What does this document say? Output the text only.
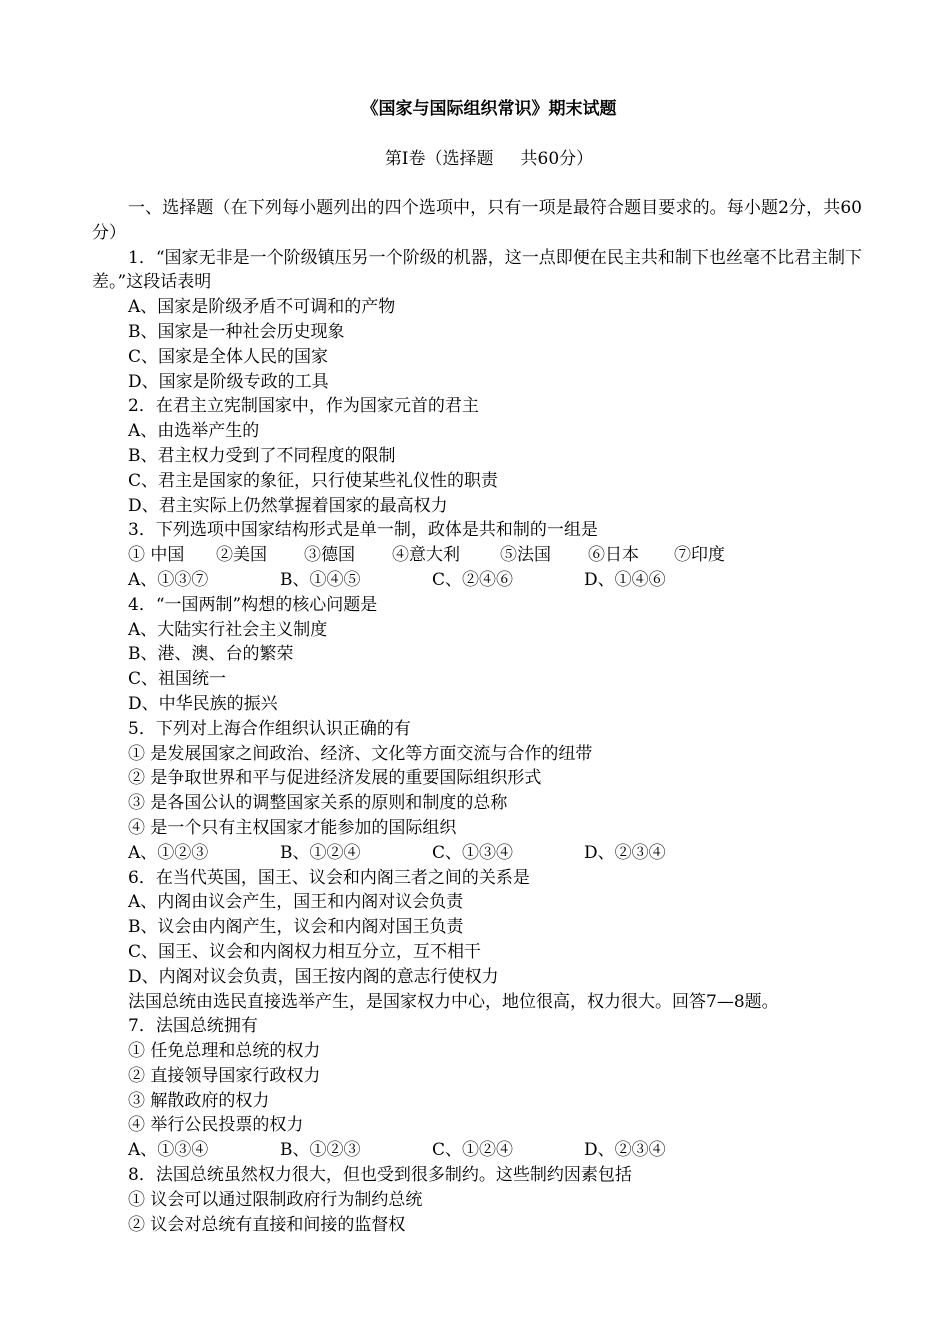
《国家与国际组织常识》期末试题
第Ⅰ卷（选择题     共60分）
一、选择题（在下列每小题列出的四个选项中，只有一项是最符合题目要求的。每小题2分，共60分）
1．“国家无非是一个阶级镇压另一个阶级的机器，这一点即便在民主共和制下也丝毫不比君主制下差。”这段话表明
A、国家是阶级矛盾不可调和的产物
B、国家是一种社会历史现象
C、国家是全体人民的国家
D、国家是阶级专政的工具
2．在君主立宪制国家中，作为国家元首的君主
A、由选举产生的
B、君主权力受到了不同程度的限制
C、君主是国家的象征，只行使某些礼仪性的职责
D、君主实际上仍然掌握着国家的最高权力
3．下列选项中国家结构形式是单一制，政体是共和制的一组是
① 中国	②美国	③德国	④意大利	⑤法国	⑥日本	⑦印度
A、①③⑦	B、①④⑤	C、②④⑥	D、①④⑥
4．“一国两制”构想的核心问题是
A、大陆实行社会主义制度
B、港、澳、台的繁荣
C、祖国统一
D、中华民族的振兴
5．下列对上海合作组织认识正确的有
① 是发展国家之间政治、经济、文化等方面交流与合作的纽带
② 是争取世界和平与促进经济发展的重要国际组织形式
③ 是各国公认的调整国家关系的原则和制度的总称
④ 是一个只有主权国家才能参加的国际组织
A、①②③	B、①②④	C、①③④	D、②③④
6．在当代英国，国王、议会和内阁三者之间的关系是
A、内阁由议会产生，国王和内阁对议会负责
B、议会由内阁产生，议会和内阁对国王负责
C、国王、议会和内阁权力相互分立，互不相干
D、内阁对议会负责，国王按内阁的意志行使权力
法国总统由选民直接选举产生，是国家权力中心，地位很高，权力很大。回答7—8题。
7．法国总统拥有
① 任免总理和总统的权力
② 直接领导国家行政权力
③ 解散政府的权力
④ 举行公民投票的权力
A、①③④	B、①②③	C、①②④	D、②③④
8．法国总统虽然权力很大，但也受到很多制约。这些制约因素包括
① 议会可以通过限制政府行为制约总统
② 议会对总统有直接和间接的监督权
